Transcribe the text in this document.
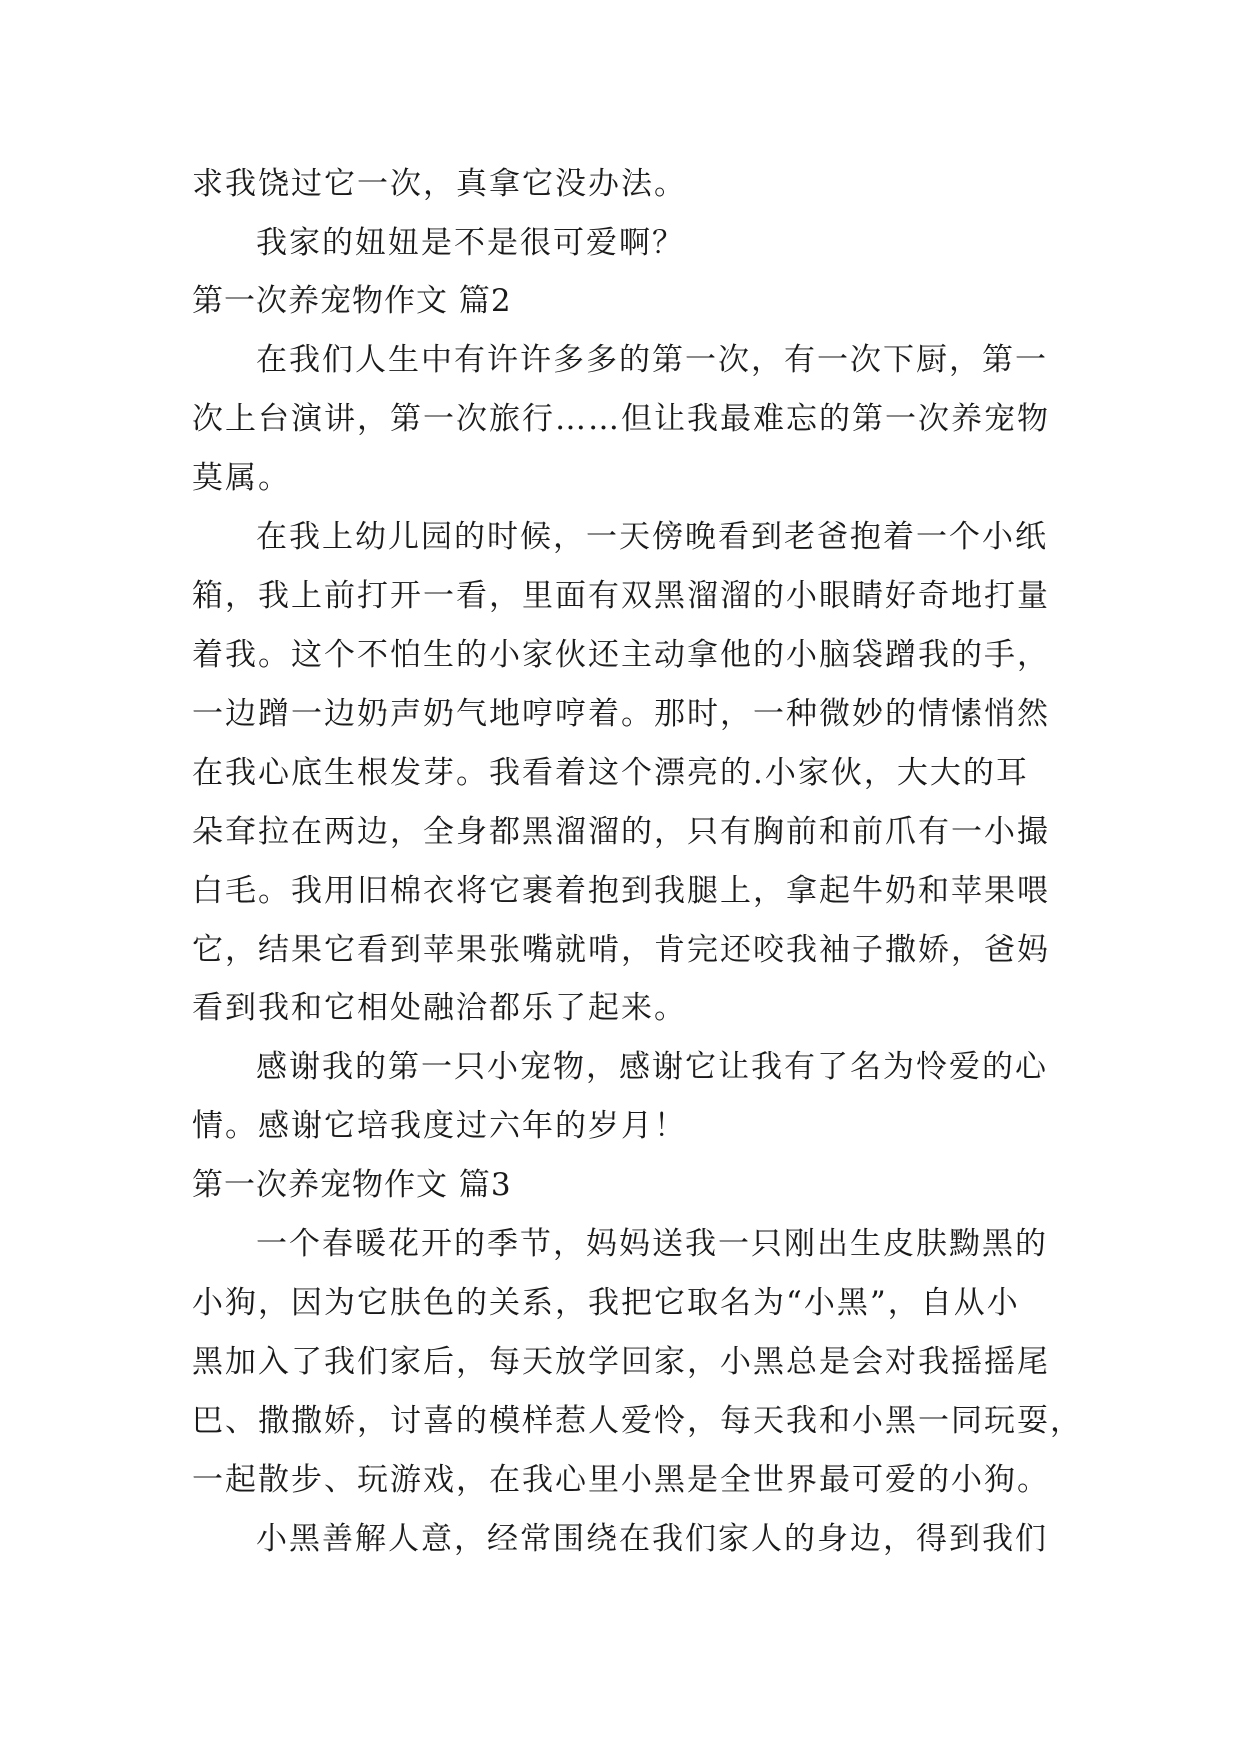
求我饶过它一次，真拿它没办法。
我家的妞妞是不是很可爱啊？
第一次养宠物作文 篇2
在我们人生中有许许多多的第一次，有一次下厨，第一
次上台演讲，第一次旅行……但让我最难忘的第一次养宠物
莫属。
在我上幼儿园的时候，一天傍晚看到老爸抱着一个小纸
箱，我上前打开一看，里面有双黑溜溜的小眼睛好奇地打量
着我。这个不怕生的小家伙还主动拿他的小脑袋蹭我的手，
一边蹭一边奶声奶气地哼哼着。那时，一种微妙的情愫悄然
在我心底生根发芽。我看着这个漂亮的.小家伙，大大的耳
朵耷拉在两边，全身都黑溜溜的，只有胸前和前爪有一小撮
白毛。我用旧棉衣将它裹着抱到我腿上，拿起牛奶和苹果喂
它，结果它看到苹果张嘴就啃，肯完还咬我袖子撒娇，爸妈
看到我和它相处融洽都乐了起来。
感谢我的第一只小宠物，感谢它让我有了名为怜爱的心
情。感谢它培我度过六年的岁月！
第一次养宠物作文 篇3
一个春暖花开的季节，妈妈送我一只刚出生皮肤黝黑的
小狗，因为它肤色的关系，我把它取名为“小黑”，自从小
黑加入了我们家后，每天放学回家，小黑总是会对我摇摇尾
巴、撒撒娇，讨喜的模样惹人爱怜，每天我和小黑一同玩耍，
一起散步、玩游戏，在我心里小黑是全世界最可爱的小狗。
小黑善解人意，经常围绕在我们家人的身边，得到我们
